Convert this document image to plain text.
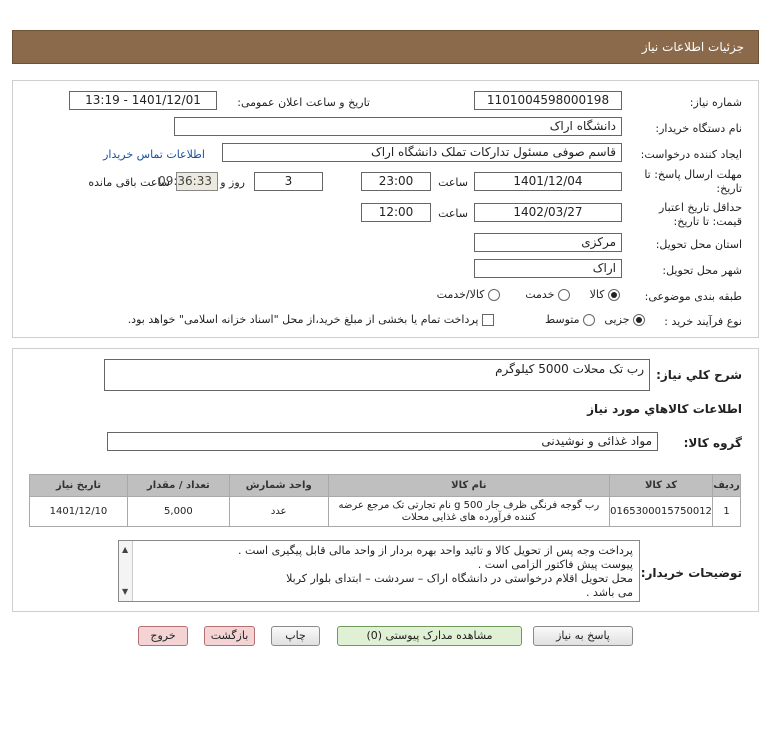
جزئیات اطلاعات نیاز
شماره نیاز:
1101004598000198
تاریخ و ساعت اعلان عمومی:
1401/12/01 - 13:19
نام دستگاه خریدار:
دانشگاه اراک
ایجاد کننده درخواست:
قاسم صوفی مسئول تدارکات تملک دانشگاه اراک
اطلاعات تماس خریدار
مهلت ارسال پاسخ: تا
تاریخ:
1401/12/04
ساعت
23:00
3
روز و
09:36:33
ساعت باقی مانده
حداقل تاریخ اعتبار
قیمت: تا تاریخ:
1402/03/27
ساعت
12:00
استان محل تحویل:
مرکزی
شهر محل تحویل:
اراک
طبقه بندی موضوعی:
کالا
خدمت
کالا/خدمت
نوع فرآیند خرید :
جزیی
متوسط
پرداخت تمام یا بخشی از مبلغ خرید،از محل "اسناد خزانه اسلامی" خواهد بود.
شرح کلي نياز:
رب تک محلات 5000 کیلوگرم
اطلاعات کالاهاي مورد نياز
گروه کالا:
مواد غذائی و نوشیدنی
ردیف	کد کالا	نام کالا	واحد شمارش	تعداد / مقدار	تاریخ نیاز
1	0165300015750012	رب گوجه فرنگی ظرف جار 500 g نام تجارتی تک مرجع عرضه کننده فرآورده های غذایی محلات	عدد	5,000	1401/12/10
توضیحات خریدار:
▲
▼
پرداخت وجه پس از تحویل کالا و تائید واحد بهره بردار از واحد مالی قابل پیگیری است .
پیوست پیش فاکتور الزامی است .
محل تحویل اقلام درخواستی در دانشگاه اراک – سردشت – ابتدای بلوار کربلا
می باشد .
پاسخ به نیاز
مشاهده مدارک پیوستی (0)
چاپ
بازگشت
خروج
